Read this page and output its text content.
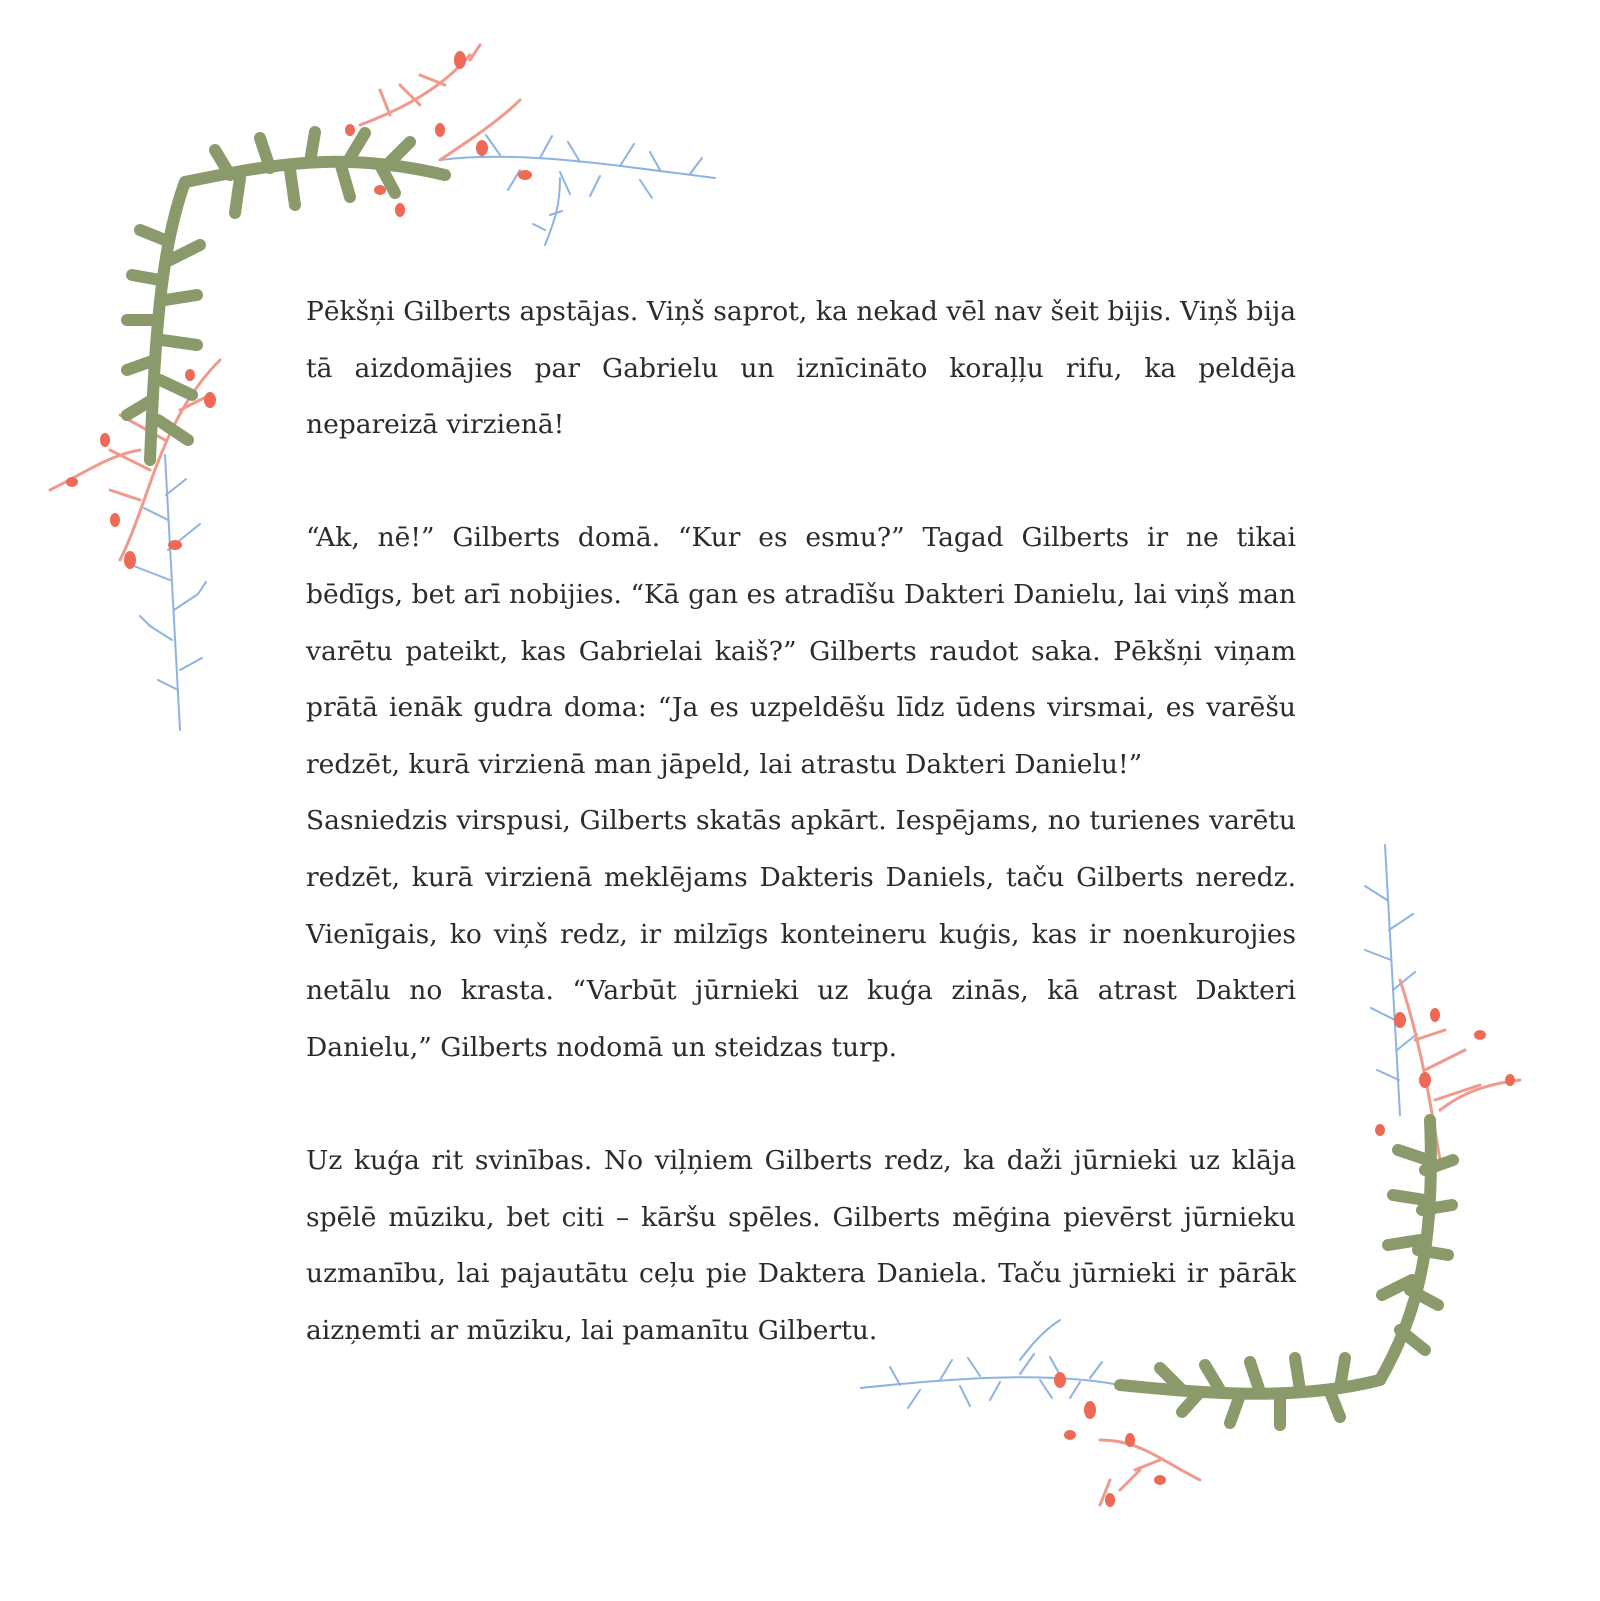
Pēkšņi Gilberts apstājas. Viņš saprot, ka nekad vēl nav šeit bijis. Viņš bija tā aizdomājies par Gabrielu un iznīcināto koraļļu rifu, ka peldēja nepareizā virzienā!

“Ak, nē!” Gilberts domā. “Kur es esmu?” Tagad Gilberts ir ne tikai bēdīgs, bet arī nobijies. “Kā gan es atradīšu Dakteri Danielu, lai viņš man varētu pateikt, kas Gabrielai kaiš?” Gilberts raudot saka. Pēkšņi viņam prātā ienāk gudra doma: “Ja es uzpeldēšu līdz ūdens virsmai, es varēšu redzēt, kurā virzienā man jāpeld, lai atrastu Dakteri Danielu!”

Sasniedzis virspusi, Gilberts skatās apkārt. Iespējams, no turienes varētu redzēt, kurā virzienā meklējams Dakteris Daniels, taču Gilberts neredz. Vienīgais, ko viņš redz, ir milzīgs konteineru kuģis, kas ir noenkurojies netālu no krasta. “Varbūt jūrnieki uz kuģa zinās, kā atrast Dakteri Danielu,” Gilberts nodomā un steidzas turp.

Uz kuģa rit svinības. No viļņiem Gilberts redz, ka daži jūrnieki uz klāja spēlē mūziku, bet citi – kāršu spēles. Gilberts mēģina pievērst jūrnieku uzmanību, lai pajautātu ceļu pie Daktera Daniela. Taču jūrnieki ir pārāk aizņemti ar mūziku, lai pamanītu Gilbertu.
